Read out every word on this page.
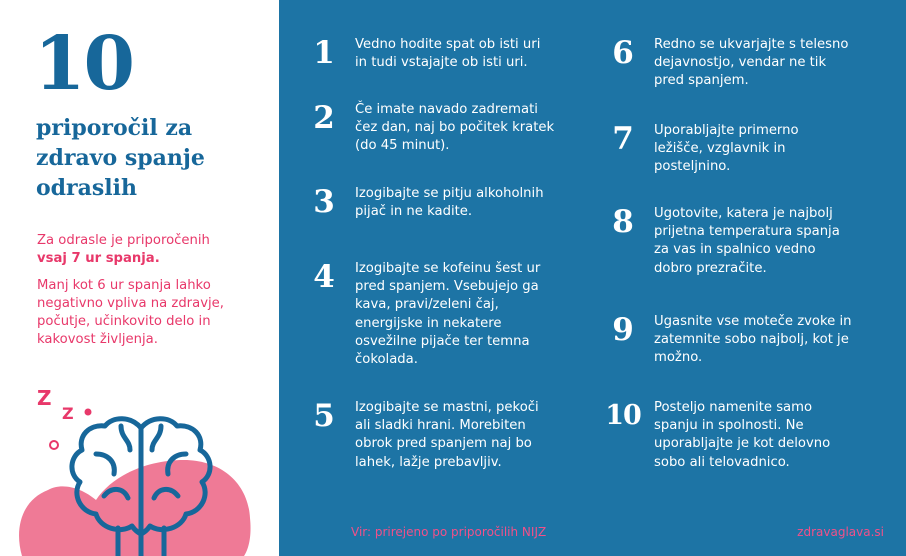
10
priporočil za
zdravo spanje
odraslih
Za odrasle je priporočenih
vsaj 7 ur spanja.
Manj kot 6 ur spanja lahko
negativno vpliva na zdravje,
počutje, učinkovito delo in
kakovost življenja.
Z
Z
1	Vedno hodite spat ob isti uri
in tudi vstajajte ob isti uri.
2	Če imate navado zadremati
čez dan, naj bo počitek kratek
(do 45 minut).
3	Izogibajte se pitju alkoholnih
pijač in ne kadite.
4	Izogibajte se kofeinu šest ur
pred spanjem. Vsebujejo ga
kava, pravi/zeleni čaj,
energijske in nekatere
osvežilne pijače ter temna
čokolada.
5	Izogibajte se mastni, pekoči
ali sladki hrani. Morebiten
obrok pred spanjem naj bo
lahek, lažje prebavljiv.
6	Redno se ukvarjajte s telesno
dejavnostjo, vendar ne tik
pred spanjem.
7	Uporabljajte primerno
ležišče, vzglavnik in
posteljnino.
8	Ugotovite, katera je najbolj
prijetna temperatura spanja
za vas in spalnico vedno
dobro prezračite.
9	Ugasnite vse moteče zvoke in
zatemnite sobo najbolj, kot je
možno.
10	Posteljo namenite samo
spanju in spolnosti. Ne
uporabljajte je kot delovno
sobo ali telovadnico.
Vir: prirejeno po priporočilih NIJZ	zdravaglava.si
